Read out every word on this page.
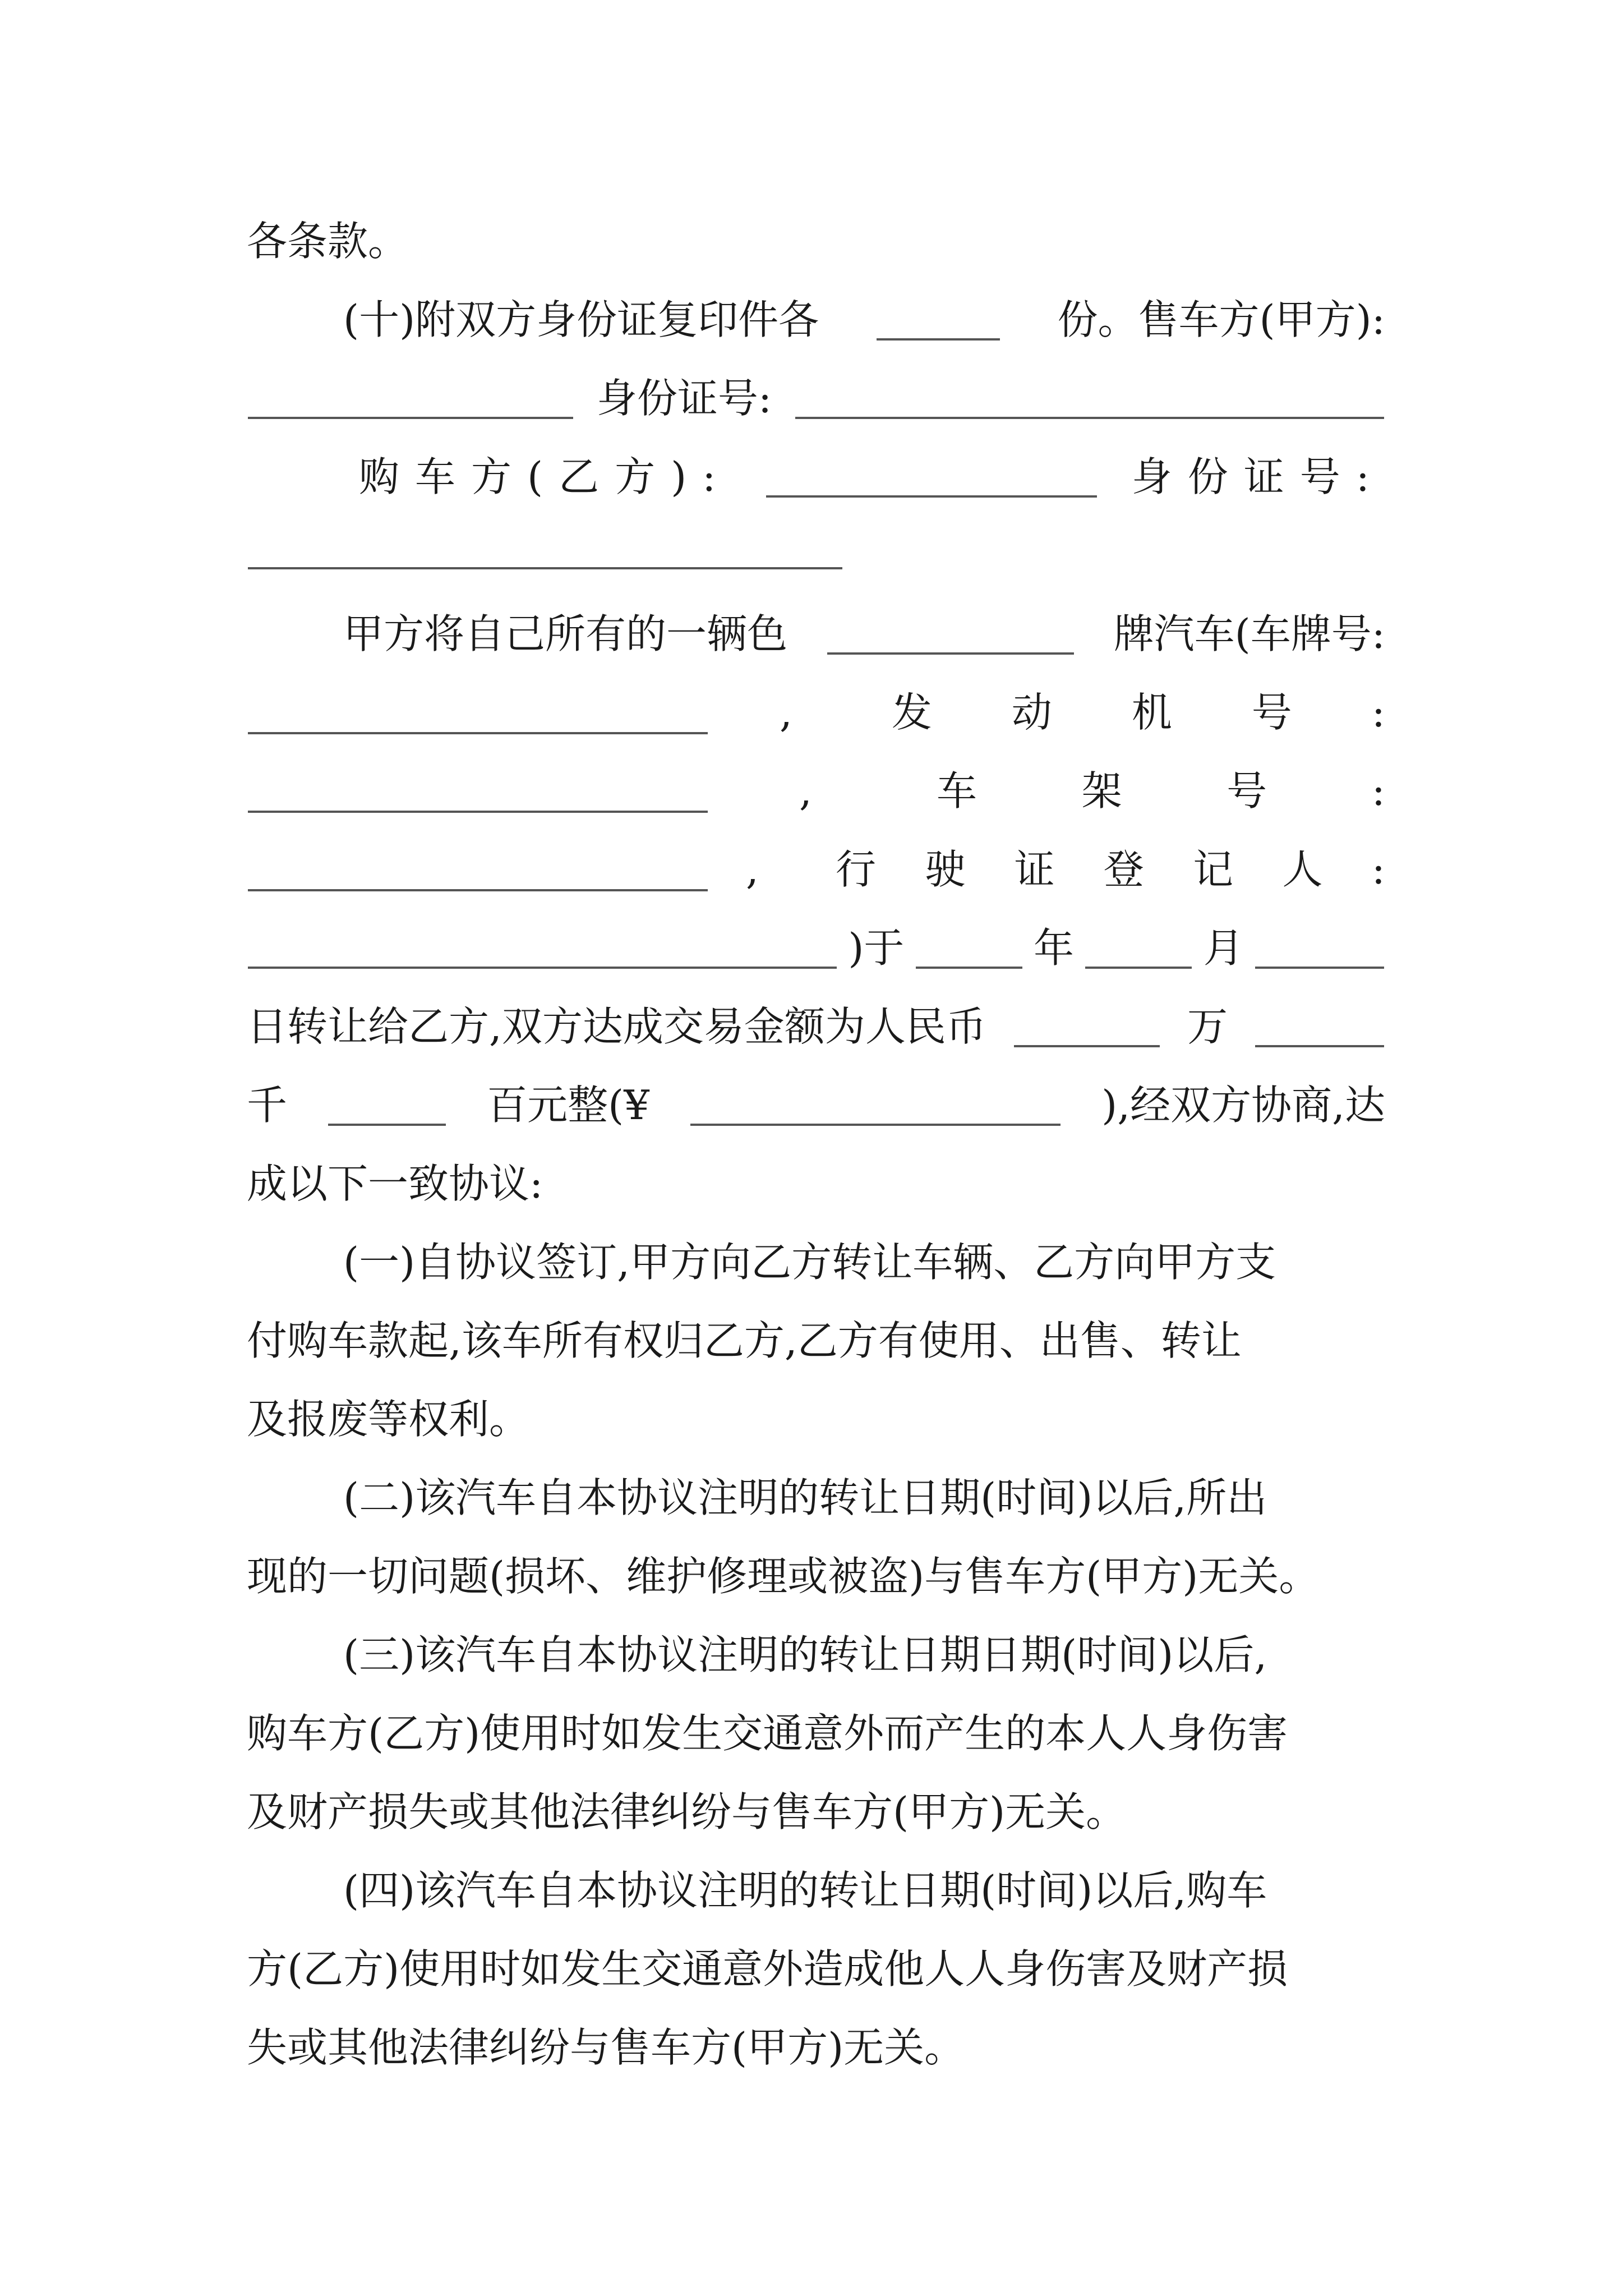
各条款。
(十)附双方身份证复印件各	份。售车方(甲方):
身份证号:
购车方(乙方):	身份证号:
甲方将自己所有的一辆色	牌汽车(车牌号:
, 发 动 机 号 :
,	车	架	号	:
, 行 驶 证 登 记 人 :
)于	年	月
日转让给乙方,双方达成交易金额为人民币	万
千	百元整(¥	),经双方协商,达
成以下一致协议:
(一)自协议签订,甲方向乙方转让车辆、乙方向甲方支
付购车款起,该车所有权归乙方,乙方有使用、出售、转让
及报废等权利。
(二)该汽车自本协议注明的转让日期(时间)以后,所出
现的一切问题(损坏、维护修理或被盗)与售车方(甲方)无关。
(三)该汽车自本协议注明的转让日期日期(时间)以后,
购车方(乙方)使用时如发生交通意外而产生的本人人身伤害
及财产损失或其他法律纠纷与售车方(甲方)无关。
(四)该汽车自本协议注明的转让日期(时间)以后,购车
方(乙方)使用时如发生交通意外造成他人人身伤害及财产损
失或其他法律纠纷与售车方(甲方)无关。
